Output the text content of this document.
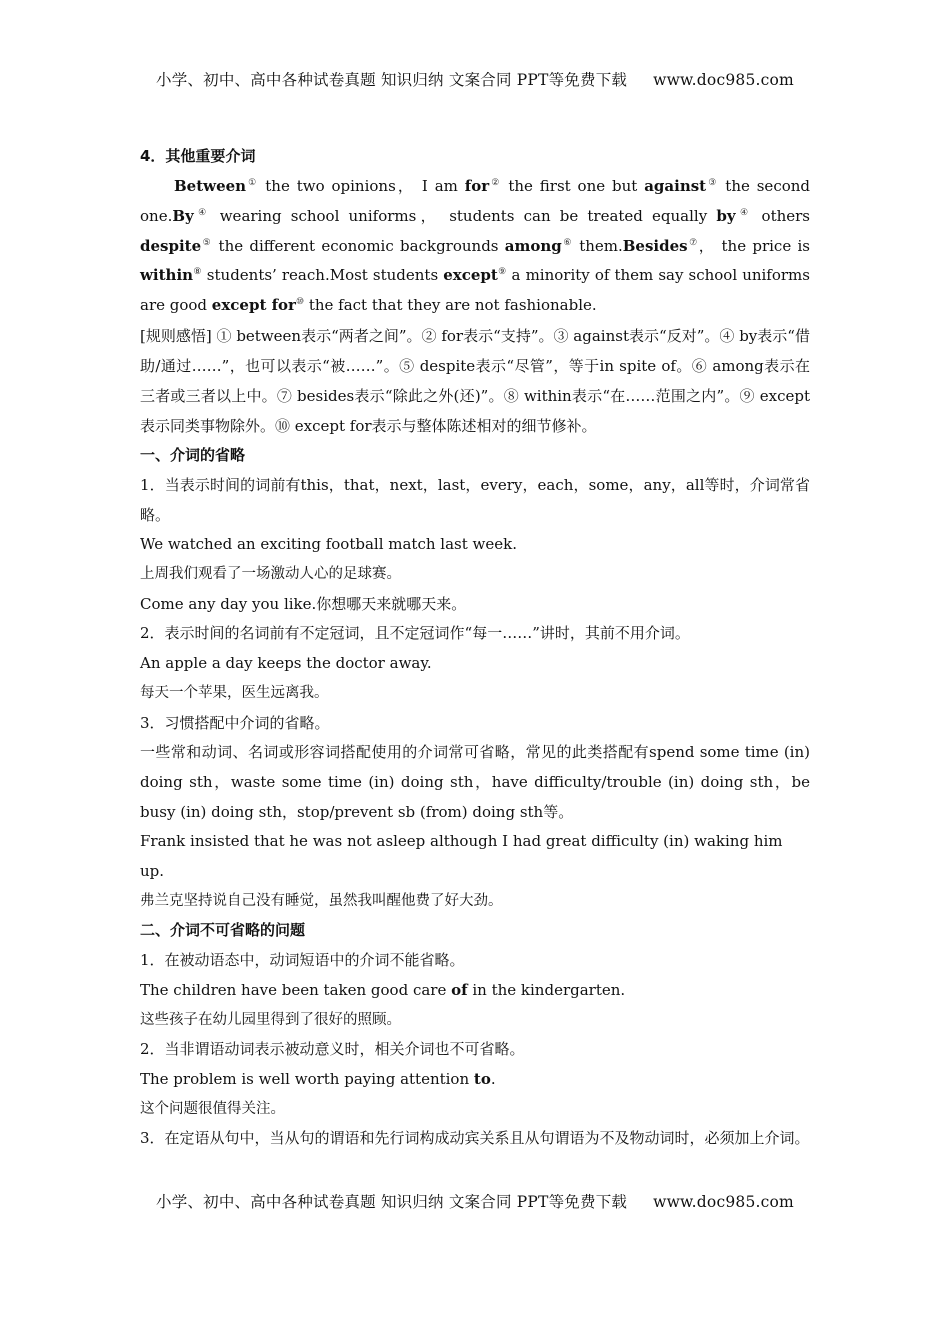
小学、初中、高中各种试卷真题 知识归纳 文案合同 PPT等免费下载 www.doc985.com

4．其他重要介词

Between① the two opinions， I am for② the first one but against③ the second one.By④ wearing school uniforms， students can be treated equally by④ others despite⑤ the different economic backgrounds among⑥ them.Besides⑦， the price is within⑧ students’ reach.Most students except⑨ a minority of them say school uniforms are good except for⑩ the fact that they are not fashionable.

[规则感悟] ① between表示“两者之间”。② for表示“支持”。③ against表示“反对”。④ by表示“借助/通过……”，也可以表示“被……”。⑤ despite表示“尽管”，等于in spite of。⑥ among表示在三者或三者以上中。⑦ besides表示“除此之外(还)”。⑧ within表示“在……范围之内”。⑨ except表示同类事物除外。⑩ except for表示与整体陈述相对的细节修补。

一、介词的省略

1．当表示时间的词前有this，that，next，last，every，each，some，any，all等时，介词常省略。

We watched an exciting football match last week.

上周我们观看了一场激动人心的足球赛。

Come any day you like.你想哪天来就哪天来。

2．表示时间的名词前有不定冠词，且不定冠词作“每一……”讲时，其前不用介词。

An apple a day keeps the doctor away.

每天一个苹果，医生远离我。

3．习惯搭配中介词的省略。

一些常和动词、名词或形容词搭配使用的介词常可省略，常见的此类搭配有spend some time (in) doing sth，waste some time (in) doing sth，have difficulty/trouble (in) doing sth，be busy (in) doing sth，stop/prevent sb (from) doing sth等。

Frank insisted that he was not asleep although I had great difficulty (in) waking him up.

弗兰克坚持说自己没有睡觉，虽然我叫醒他费了好大劲。

二、介词不可省略的问题

1．在被动语态中，动词短语中的介词不能省略。

The children have been taken good care of in the kindergarten.

这些孩子在幼儿园里得到了很好的照顾。

2．当非谓语动词表示被动意义时，相关介词也不可省略。

The problem is well worth paying attention to.

这个问题很值得关注。

3．在定语从句中，当从句的谓语和先行词构成动宾关系且从句谓语为不及物动词时，必须加上介词。

小学、初中、高中各种试卷真题 知识归纳 文案合同 PPT等免费下载 www.doc985.com
